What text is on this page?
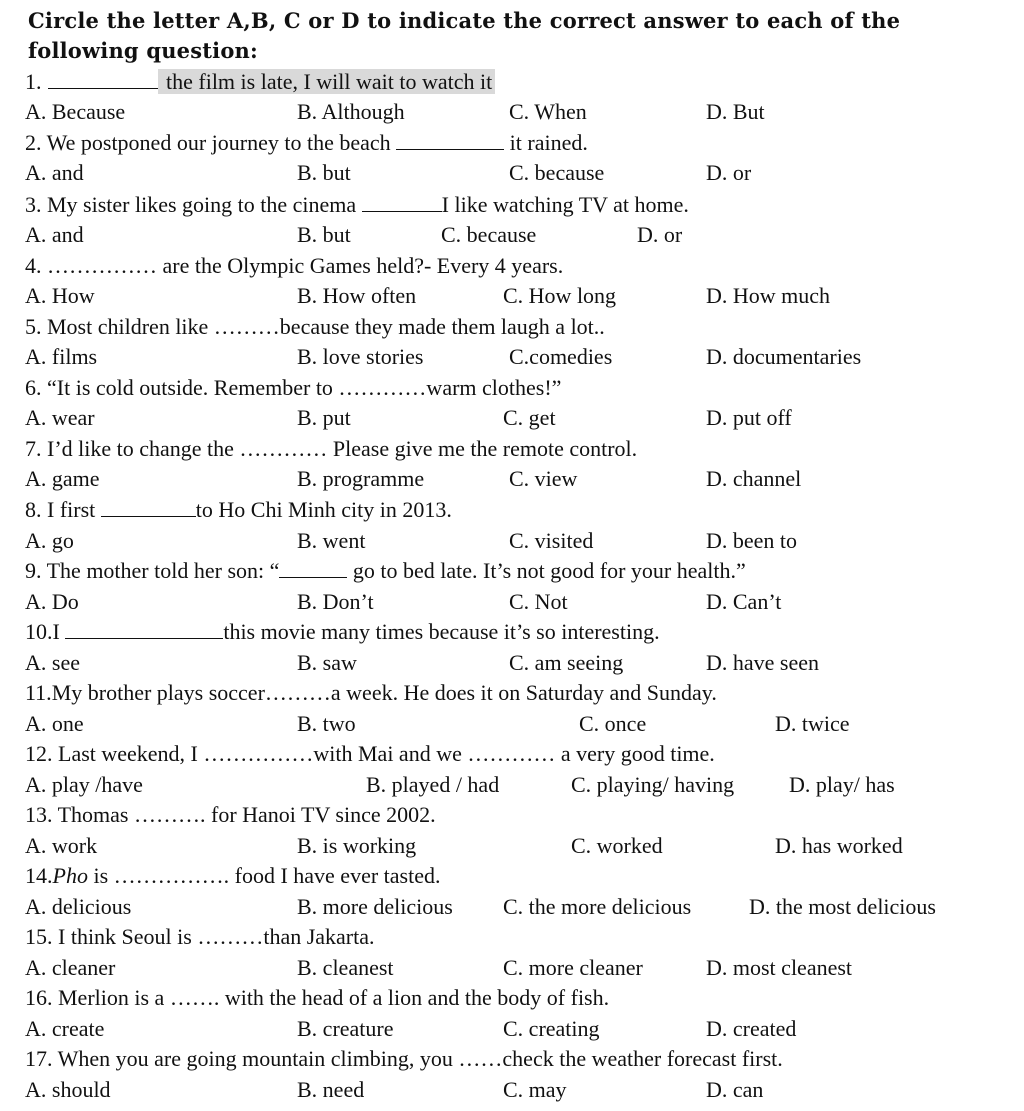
Circle the letter A,B, C or D to indicate the correct answer to each of the following question:
1.	the film is late, I will wait to watch it
A. Because	B. Although	C. When	D. But
2. We postponed our journey to the beach	it rained.
A. and	B. but	C. because	D. or
3. My sister likes going to the cinema	I like watching TV at home.
A. and	B. but	C. because	D. or
4. …………… are the Olympic Games held?- Every 4 years.
A. How	B. How often	C. How long	D. How much
5. Most children like ………because they made them laugh a lot..
A. films	B. love stories	C.comedies	D. documentaries
6. “It is cold outside. Remember to …………warm clothes!”
A. wear	B. put	C. get	D. put off
7. I’d like to change the ………… Please give me the remote control.
A. game	B. programme	C. view	D. channel
8. I first	to Ho Chi Minh city in 2013.
A. go	B. went	C. visited	D. been to
9. The mother told her son: “	go to bed late. It’s not good for your health.”
A. Do	B. Don’t	C. Not	D. Can’t
10.I	this movie many times because it’s so interesting.
A. see	B. saw	C. am seeing	D. have seen
11.My brother plays soccer………a week. He does it on Saturday and Sunday.
A. one	B. two	C. once	D. twice
12. Last weekend, I ……………with Mai and we ………… a very good time.
A. play /have	B. played / had	C. playing/ having D. play/ has
13. Thomas ………. for Hanoi TV since 2002.
A. work	B. is working	C. worked	D. has worked
14.Pho is ……………. food I have ever tasted.
A. delicious	B. more delicious C. the more delicious	D. the most delicious
15. I think Seoul is ………than Jakarta.
A. cleaner	B. cleanest	C. more cleaner	D. most cleanest
16. Merlion is a ……. with the head of a lion and the body of fish.
A. create	B. creature	C. creating	D. created
17. When you are going mountain climbing, you ……check the weather forecast first.
A. should	B. need	C. may	D. can
